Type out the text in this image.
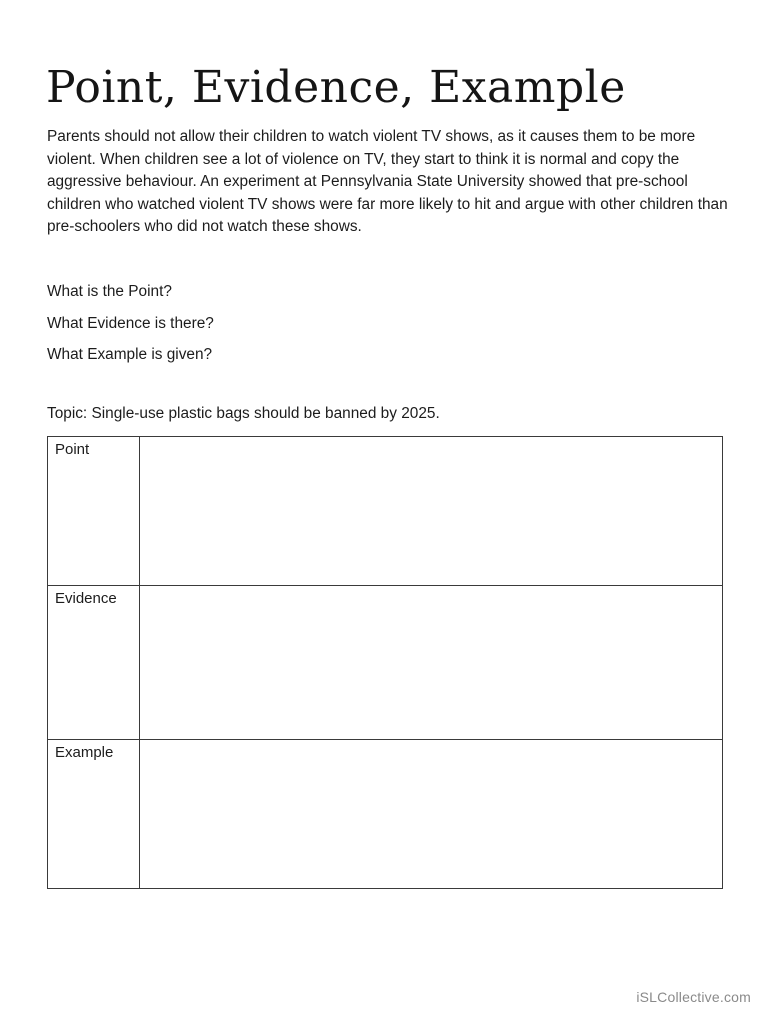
Point, Evidence, Example

Parents should not allow their children to watch violent TV shows, as it causes them to be more violent. When children see a lot of violence on TV, they start to think it is normal and copy the aggressive behaviour. An experiment at Pennsylvania State University showed that pre-school children who watched violent TV shows were far more likely to hit and argue with other children than pre-schoolers who did not watch these shows.

What is the Point?

What Evidence is there?

What Example is given?

Topic: Single-use plastic bags should be banned by 2025.

Point	

Evidence	

Example	

iSLCollective.com
